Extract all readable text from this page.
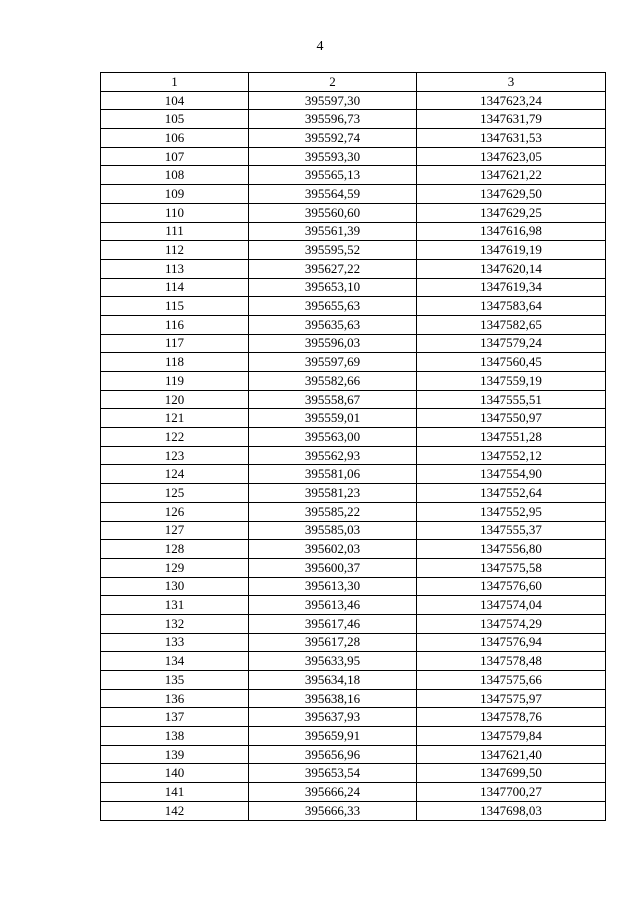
4
1	2	3
104	395597,30	1347623,24
105	395596,73	1347631,79
106	395592,74	1347631,53
107	395593,30	1347623,05
108	395565,13	1347621,22
109	395564,59	1347629,50
110	395560,60	1347629,25
111	395561,39	1347616,98
112	395595,52	1347619,19
113	395627,22	1347620,14
114	395653,10	1347619,34
115	395655,63	1347583,64
116	395635,63	1347582,65
117	395596,03	1347579,24
118	395597,69	1347560,45
119	395582,66	1347559,19
120	395558,67	1347555,51
121	395559,01	1347550,97
122	395563,00	1347551,28
123	395562,93	1347552,12
124	395581,06	1347554,90
125	395581,23	1347552,64
126	395585,22	1347552,95
127	395585,03	1347555,37
128	395602,03	1347556,80
129	395600,37	1347575,58
130	395613,30	1347576,60
131	395613,46	1347574,04
132	395617,46	1347574,29
133	395617,28	1347576,94
134	395633,95	1347578,48
135	395634,18	1347575,66
136	395638,16	1347575,97
137	395637,93	1347578,76
138	395659,91	1347579,84
139	395656,96	1347621,40
140	395653,54	1347699,50
141	395666,24	1347700,27
142	395666,33	1347698,03
